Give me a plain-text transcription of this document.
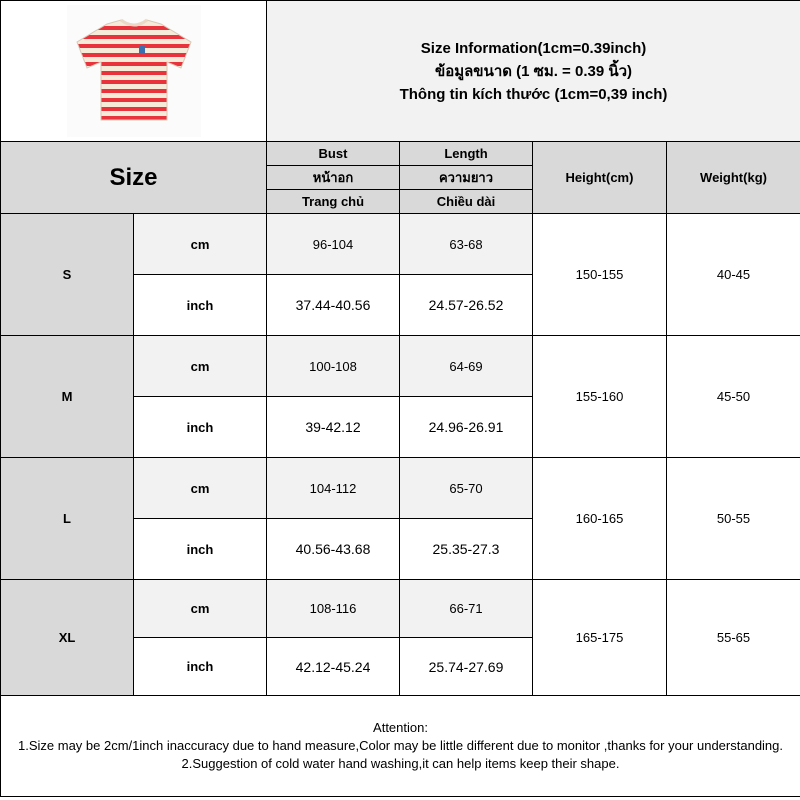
Size Information(1cm=0.39inch)
ข้อมูลขนาด (1 ซม. = 0.39 นิ้ว)
Thông tin kích thước (1cm=0,39 inch)			

Size		Bust	Length	Height(cm)	Weight(kg)
		หน้าอก	ความยาว		
		Trang chủ	Chiều dài		
S	cm	96-104	63-68	150-155	40-45
	inch	37.44-40.56	24.57-26.52		
M	cm	100-108	64-69	155-160	45-50
	inch	39-42.12	24.96-26.91		
L	cm	104-112	65-70	160-165	50-55
	inch	40.56-43.68	25.35-27.3		
XL	cm	108-116	66-71	165-175	55-65
	inch	42.12-45.24	25.74-27.69		

Attention:
1.Size may be 2cm/1inch inaccuracy due to hand measure,Color may be little different due to monitor ,thanks for your understanding.
2.Suggestion of cold water hand washing,it can help items keep their shape.					
